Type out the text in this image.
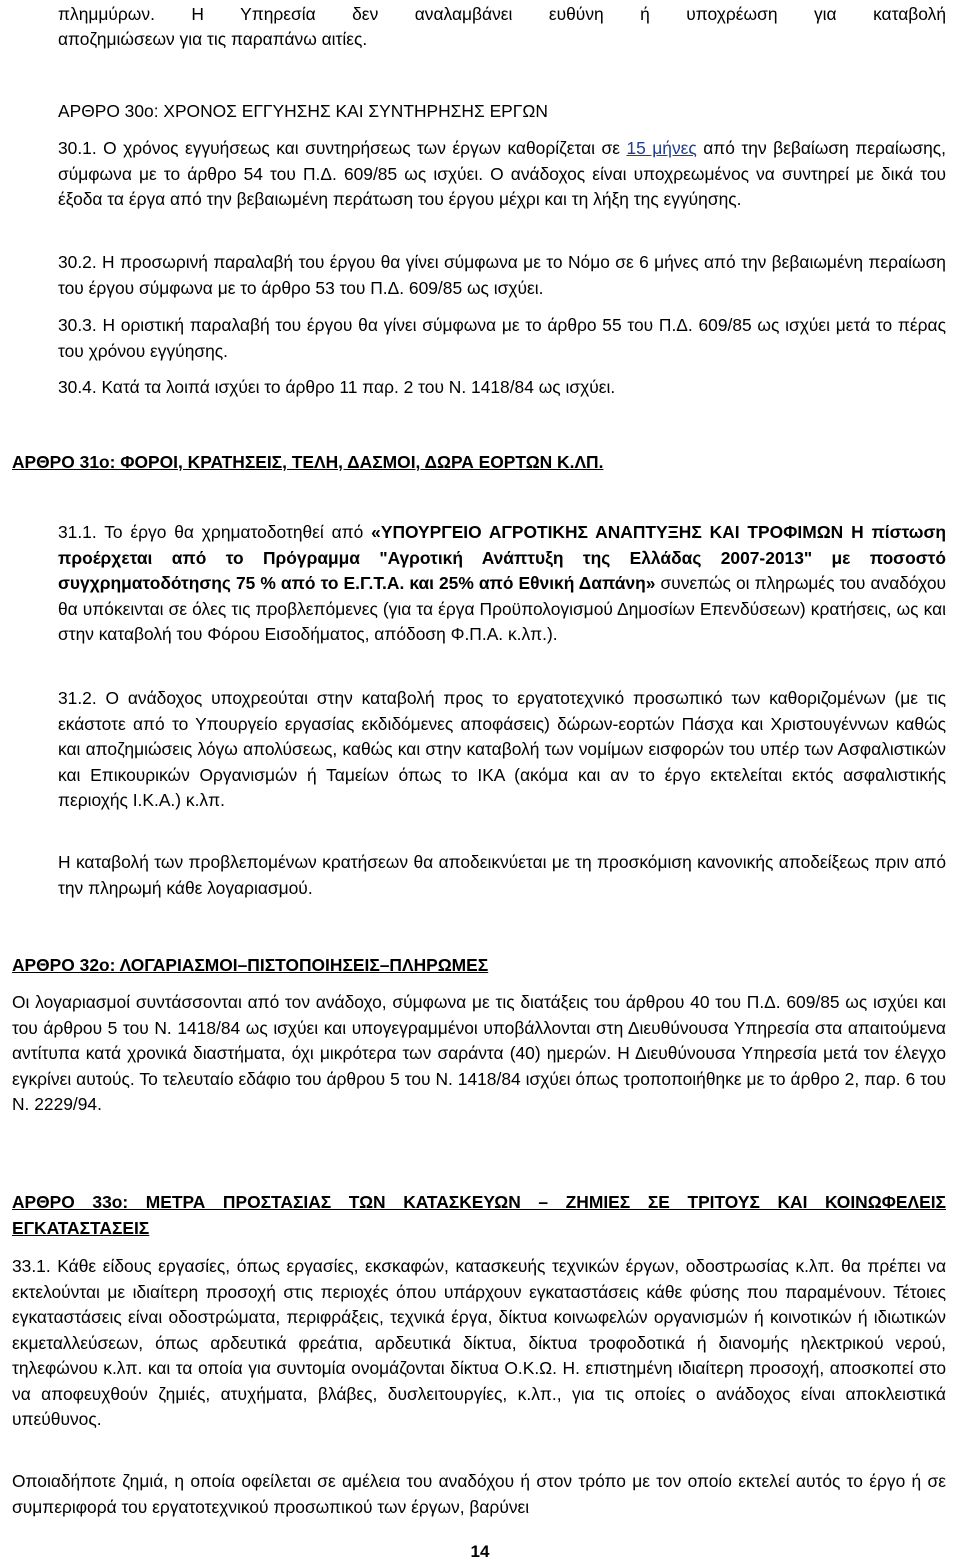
πλημμύρων. Η Υπηρεσία δεν αναλαμβάνει ευθύνη ή υποχρέωση για καταβολή
αποζημιώσεων για τις παραπάνω αιτίες.
ΑΡΘΡΟ 30ο: ΧΡΟΝΟΣ ΕΓΓΥΗΣΗΣ ΚΑΙ ΣΥΝΤΗΡΗΣΗΣ ΕΡΓΩΝ
30.1. Ο χρόνος εγγυήσεως και συντηρήσεως των έργων καθορίζεται σε 15 μήνες από την βεβαίωση περαίωσης, σύμφωνα με το άρθρο 54 του Π.Δ. 609/85 ως ισχύει. Ο ανάδοχος είναι υποχρεωμένος να συντηρεί με δικά του έξοδα τα έργα από την βεβαιωμένη περάτωση του έργου μέχρι και τη λήξη της εγγύησης.
30.2. Η προσωρινή παραλαβή του έργου θα γίνει σύμφωνα με το Νόμο σε 6 μήνες από την βεβαιωμένη περαίωση του έργου σύμφωνα με το άρθρο 53 του Π.Δ. 609/85 ως ισχύει.
30.3. Η οριστική παραλαβή του έργου θα γίνει σύμφωνα με το άρθρο 55 του Π.Δ. 609/85 ως ισχύει μετά το πέρας του χρόνου εγγύησης.
30.4. Κατά τα λοιπά ισχύει το άρθρο 11 παρ. 2 του Ν. 1418/84 ως ισχύει.
ΑΡΘΡΟ 31ο: ΦΟΡΟΙ, ΚΡΑΤΗΣΕΙΣ, ΤΕΛΗ, ΔΑΣΜΟΙ, ΔΩΡΑ ΕΟΡΤΩΝ Κ.ΛΠ.
31.1. Το έργο θα χρηματοδοτηθεί από «ΥΠΟΥΡΓΕΙΟ ΑΓΡΟΤΙΚΗΣ ΑΝΑΠΤΥΞΗΣ ΚΑΙ ΤΡΟΦΙΜΩΝ Η πίστωση προέρχεται από το Πρόγραμμα "Αγροτική Ανάπτυξη της Ελλάδας 2007-2013" με ποσοστό συγχρηματοδότησης 75 % από το Ε.Γ.Τ.Α. και 25% από Εθνική Δαπάνη» συνεπώς οι πληρωμές του αναδόχου θα υπόκεινται σε όλες τις προβλεπόμενες (για τα έργα Προϋπολογισμού Δημοσίων Επενδύσεων) κρατήσεις, ως και στην καταβολή του Φόρου Εισοδήματος, απόδοση Φ.Π.Α. κ.λπ.).
31.2. Ο ανάδοχος υποχρεούται στην καταβολή προς το εργατοτεχνικό προσωπικό των καθοριζομένων (με τις εκάστοτε από το Υπουργείο εργασίας εκδιδόμενες αποφάσεις) δώρων-εορτών Πάσχα και Χριστουγέννων καθώς και αποζημιώσεις λόγω απολύσεως, καθώς και στην καταβολή των νομίμων εισφορών του υπέρ των Ασφαλιστικών και Επικουρικών Οργανισμών ή Ταμείων όπως το ΙΚΑ (ακόμα και αν το έργο εκτελείται εκτός ασφαλιστικής περιοχής Ι.Κ.Α.) κ.λπ.
Η καταβολή των προβλεπομένων κρατήσεων θα αποδεικνύεται με τη προσκόμιση κανονικής αποδείξεως πριν από την πληρωμή κάθε λογαριασμού.
ΑΡΘΡΟ 32ο: ΛΟΓΑΡΙΑΣΜΟΙ–ΠΙΣΤΟΠΟΙΗΣΕΙΣ–ΠΛΗΡΩΜΕΣ
Οι λογαριασμοί συντάσσονται από τον ανάδοχο, σύμφωνα με τις διατάξεις του άρθρου 40 του Π.Δ. 609/85 ως ισχύει και του άρθρου 5 του Ν. 1418/84 ως ισχύει και υπογεγραμμένοι υποβάλλονται στη Διευθύνουσα Υπηρεσία στα απαιτούμενα αντίτυπα κατά χρονικά διαστήματα, όχι μικρότερα των σαράντα (40) ημερών. Η Διευθύνουσα Υπηρεσία μετά τον έλεγχο εγκρίνει αυτούς. Το τελευταίο εδάφιο του άρθρου 5 του Ν. 1418/84 ισχύει όπως τροποποιήθηκε με το άρθρο 2, παρ. 6 του Ν. 2229/94.
ΑΡΘΡΟ 33ο: ΜΕΤΡΑ ΠΡΟΣΤΑΣΙΑΣ ΤΩΝ ΚΑΤΑΣΚΕΥΩΝ – ΖΗΜΙΕΣ ΣΕ ΤΡΙΤΟΥΣ ΚΑΙ ΚΟΙΝΩΦΕΛΕΙΣ ΕΓΚΑΤΑΣΤΑΣΕΙΣ
33.1. Κάθε είδους εργασίες, όπως εργασίες, εκσκαφών, κατασκευής τεχνικών έργων, οδοστρωσίας κ.λπ. θα πρέπει να εκτελούνται με ιδιαίτερη προσοχή στις περιοχές όπου υπάρχουν εγκαταστάσεις κάθε φύσης που παραμένουν. Τέτοιες εγκαταστάσεις είναι οδοστρώματα, περιφράξεις, τεχνικά έργα, δίκτυα κοινωφελών οργανισμών ή κοινοτικών ή ιδιωτικών εκμεταλλεύσεων, όπως αρδευτικά φρεάτια, αρδευτικά δίκτυα, δίκτυα τροφοδοτικά ή διανομής ηλεκτρικού νερού, τηλεφώνου κ.λπ. και τα οποία για συντομία ονομάζονται δίκτυα Ο.Κ.Ω. Η. επιστημένη ιδιαίτερη προσοχή, αποσκοπεί στο να αποφευχθούν ζημιές, ατυχήματα, βλάβες, δυσλειτουργίες, κ.λπ., για τις οποίες ο ανάδοχος είναι αποκλειστικά υπεύθυνος.
Οποιαδήποτε ζημιά, η οποία οφείλεται σε αμέλεια του αναδόχου ή στον τρόπο με τον οποίο εκτελεί αυτός το έργο ή σε συμπεριφορά του εργατοτεχνικού προσωπικού των έργων, βαρύνει
14
